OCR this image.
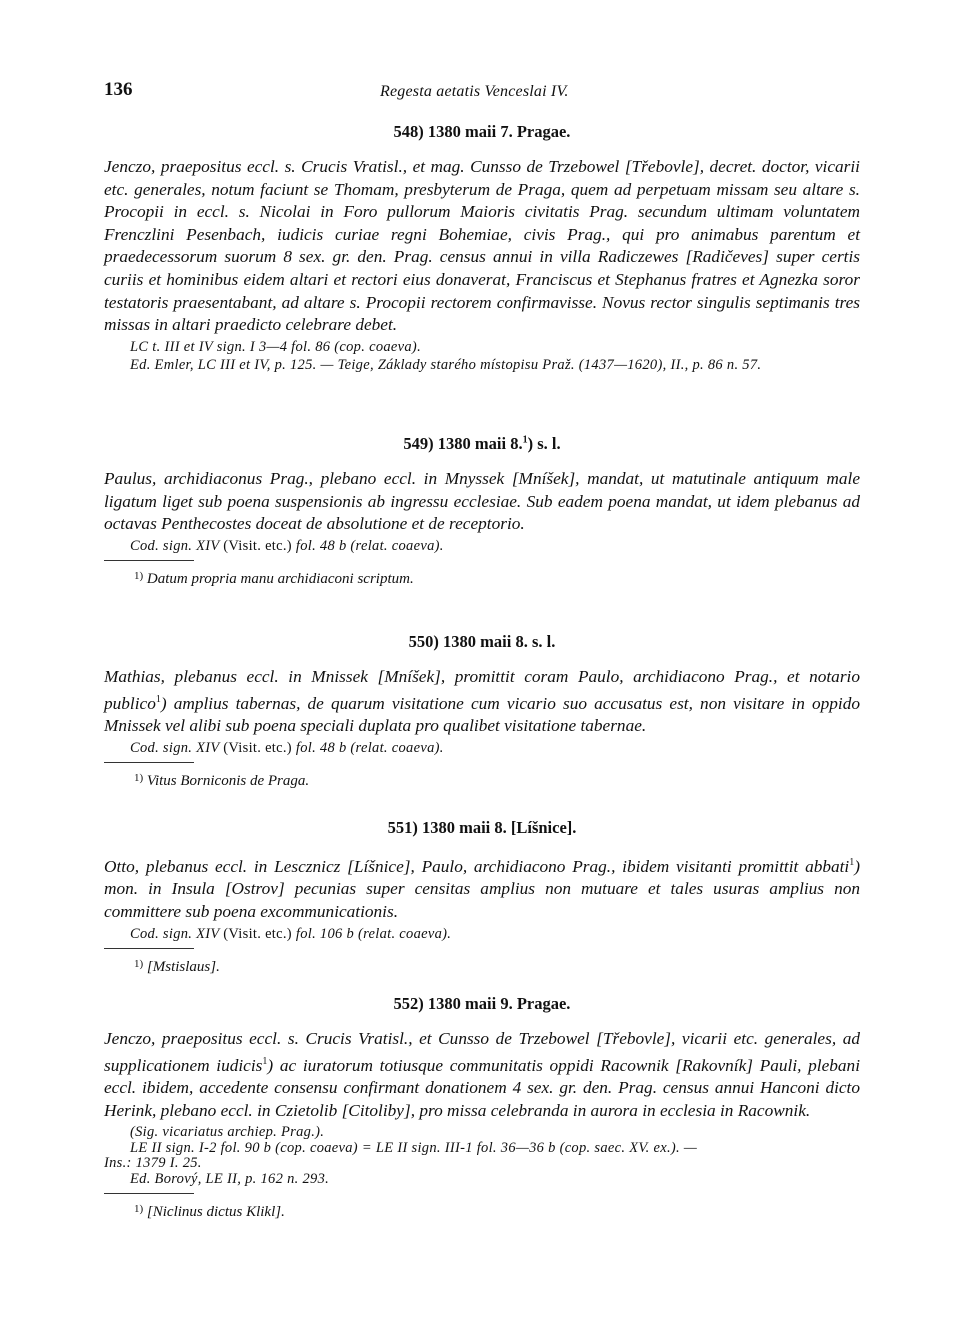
136	Regesta aetatis Venceslai IV.
548) 1380 maii 7. Pragae.

Jenczo, praepositus eccl. s. Crucis Vratisl., et mag. Cunsso de Trzebowel [Třebovle], decret. doctor, vicarii etc. generales, notum faciunt se Thomam, presbyterum de Praga, quem ad perpetuam missam seu altare s. Procopii in eccl. s. Nicolai in Foro pullorum Maioris civitatis Prag. secundum ultimam voluntatem Frenczlini Pesenbach, iudicis curiae regni Bohemiae, civis Prag., qui pro animabus parentum et praedecessorum suorum 8 sex. gr. den. Prag. census annui in villa Radiczewes [Radičeves] super certis curiis et hominibus eidem altari et rectori eius donaverat, Franciscus et Stephanus fratres et Agnezka soror testatoris praesentabant, ad altare s. Procopii rectorem confirmavisse. Novus rector singulis septimanis tres missas in altari praedicto celebrare debet.

LC t. III et IV sign. I 3—4 fol. 86 (cop. coaeva).
Ed. Emler, LC III et IV, p. 125. — Teige, Základy starého místopisu Praž. (1437—1620), II., p. 86 n. 57.
549) 1380 maii 8.$^1$) s. l.

Paulus, archidiaconus Prag., plebano eccl. in Mnyssek [Mníšek], mandat, ut matutinale antiquum male ligatum liget sub poena suspensionis ab ingressu ecclesiae. Sub eadem poena mandat, ut idem plebanus ad octavas Penthecostes doceat de absolutione et de receptorio.

Cod. sign. XIV (Visit. etc.) fol. 48 b (relat. coaeva).
$^{1)}$ Datum propria manu archidiaconi scriptum.
550) 1380 maii 8. s. l.

Mathias, plebanus eccl. in Mnissek [Mníšek], promittit coram Paulo, archidiacono Prag., et notario publico$^1$) amplius tabernas, de quarum visitatione cum vicario suo accusatus est, non visitare in oppido Mnissek vel alibi sub poena speciali duplata pro qualibet visitatione tabernae.

Cod. sign. XIV (Visit. etc.) fol. 48 b (relat. coaeva).
$^{1)}$ Vitus Borniconis de Praga.
551) 1380 maii 8. [Líšnice].

Otto, plebanus eccl. in Lescznicz [Líšnice], Paulo, archidiacono Prag., ibidem visitanti promittit abbati$^1$) mon. in Insula [Ostrov] pecunias super censitas amplius non mutuare et tales usuras amplius non committere sub poena excommunicationis.

Cod. sign. XIV (Visit. etc.) fol. 106 b (relat. coaeva).
$^{1)}$ [Mstislaus].
552) 1380 maii 9. Pragae.

Jenczo, praepositus eccl. s. Crucis Vratisl., et Cunsso de Trzebowel [Třebovle], vicarii etc. generales, ad supplicationem iudicis$^1$) ac iuratorum totiusque communitatis oppidi Racownik [Rakovník] Pauli, plebani eccl. ibidem, accedente consensu confirmant donationem 4 sex. gr. den. Prag. census annui Hanconi dicto Herink, plebano eccl. in Czietolib [Citoliby], pro missa celebranda in aurora in ecclesia in Racownik.

(Sig. vicariatus archiep. Prag.).
LE II sign. I-2 fol. 90 b (cop. coaeva) = LE II sign. III-1 fol. 36—36 b (cop. saec. XV. ex.). —
Ins.: 1379 I. 25.
Ed. Borový, LE II, p. 162 n. 293.
$^{1)}$ [Niclinus dictus Klikl].
